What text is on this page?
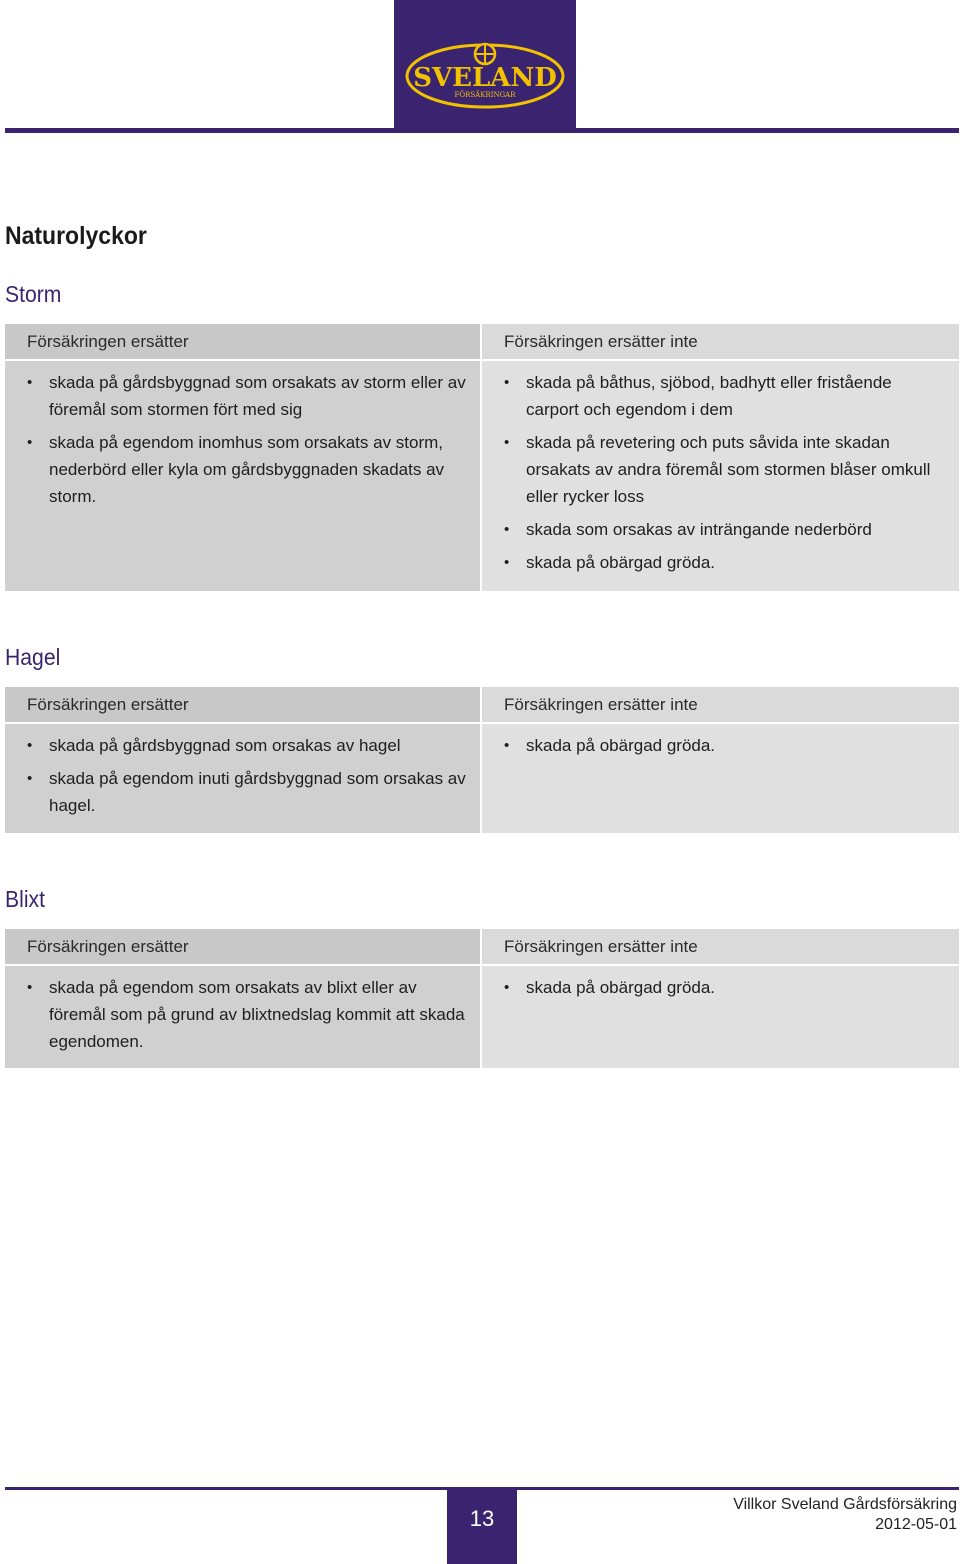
SVELAND
FÖRSÄKRINGAR
Naturolyckor
Storm
Försäkringen ersätter
• skada på gårdsbyggnad som orsakats av storm eller av föremål som stormen fört med sig
• skada på egendom inomhus som orsakats av storm, nederbörd eller kyla om gårdsbyggnaden skadats av storm.
Försäkringen ersätter inte
• skada på båthus, sjöbod, badhytt eller fristående carport och egendom i dem
• skada på revetering och puts såvida inte skadan orsakats av andra föremål som stormen blåser omkull eller rycker loss
• skada som orsakas av inträngande nederbörd
• skada på obärgad gröda.
Hagel
Försäkringen ersätter
• skada på gårdsbyggnad som orsakas av hagel
• skada på egendom inuti gårdsbyggnad som orsakas av hagel.
Försäkringen ersätter inte
• skada på obärgad gröda.
Blixt
Försäkringen ersätter
• skada på egendom som orsakats av blixt eller av föremål som på grund av blixtnedslag kommit att skada egendomen.
Försäkringen ersätter inte
• skada på obärgad gröda.
13
Villkor Sveland Gårdsförsäkring
2012-05-01
